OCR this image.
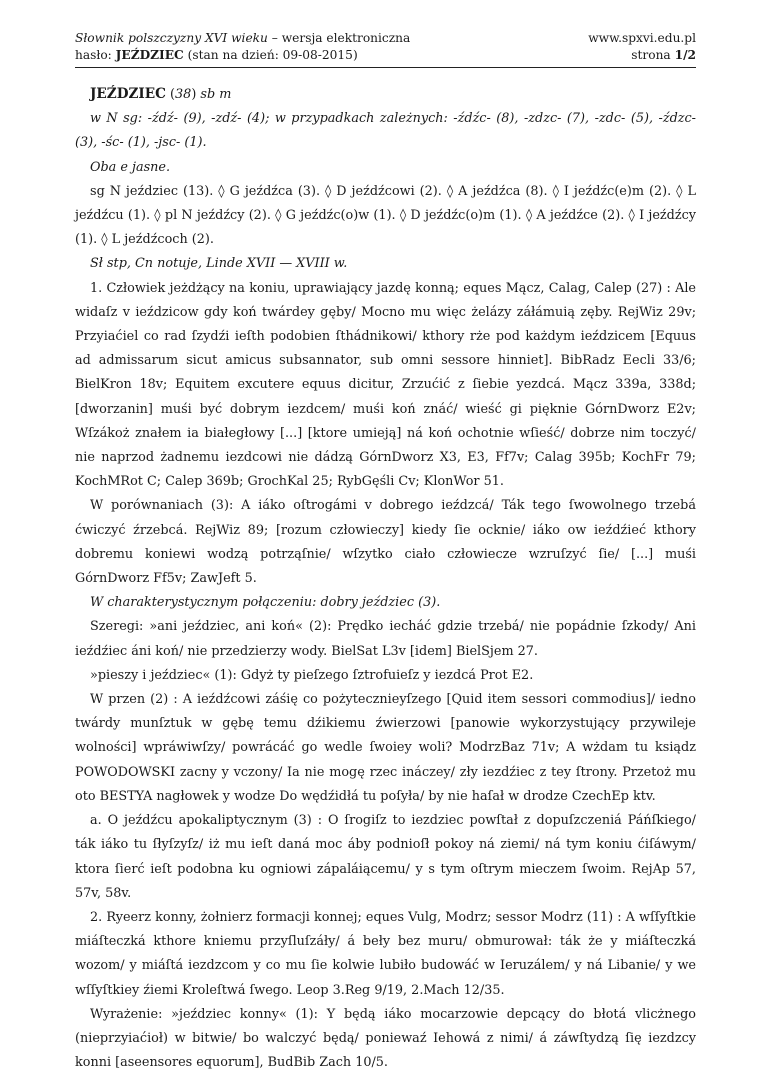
Słownik polszczyzny XVI wieku – wersja elektroniczna
hasło: JEŹDZIEC (stan na dzień: 09-08-2015)
www.spxvi.edu.pl
strona 1/2

JEŹDZIEC (38) sb m

w N sg: -źdź- (9), -zdź- (4); w przypadkach zależnych: -źdźc- (8), -zdzc- (7), -zdc- (5), -źdzc- (3), -śc- (1), -jsc- (1).

Oba e jasne.

sg N jeździec (13). ◊ G jeźdźca (3). ◊ D jeźdźcowi (2). ◊ A jeźdźca (8). ◊ I jeźdźc(e)m (2). ◊ L jeźdźcu (1). ◊ pl N jeźdźcy (2). ◊ G jeźdźc(o)w (1). ◊ D jeźdźc(o)m (1). ◊ A jeźdźce (2). ◊ I jeźdźcy (1). ◊ L jeźdźcoch (2).

Sł stp, Cn notuje, Linde XVII — XVIII w.

1. Człowiek jeżdżący na koniu, uprawiający jazdę konną; eques Mącz, Calag, Calep (27) : Ale widaſz v ieździcow gdy koń twárdey gęby/ Mocno mu więc żelázy záłámuią zęby. RejWiz 29v; Przyiaćiel co rad ſzydźi ieſth podobien ſthádnikowi/ kthory rże pod każdym ieździcem [Equus ad admissarum sicut amicus subsannator, sub omni sessore hinniet]. BibRadz Eecli 33/6; BielKron 18v; Equitem excutere equus dicitur, Zrzućić z ſiebie yezdcá. Mącz 339a, 338d; [dworzanin] muśi być dobrym iezdcem/ muśi koń znáć/ wieść gi pięknie GórnDworz E2v; Wſzákoż znałem ia białegłowy [...] [ktore umieją] ná koń ochotnie wſieść/ dobrze nim toczyć/ nie naprzod żadnemu iezdcowi nie dádzą GórnDworz X3, E3, Ff7v; Calag 395b; KochFr 79; KochMRot C; Calep 369b; GrochKal 25; RybGęśli Cv; KlonWor 51.

W porównaniach (3): A iáko oſtrogámi v dobrego ieźdzcá/ Ták tego ſwowolnego trzebá ćwiczyć źrzebcá. RejWiz 89; [rozum człowieczy] kiedy ſie ocknie/ iáko ow ieźdźieć kthory dobremu koniewi wodzą potrząſnie/ wſzytko ciało człowiecze wzruſzyć ſie/ [...] muśi GórnDworz Ff5v; ZawJeft 5.

W charakterystycznym połączeniu: dobry jeździec (3).

Szeregi: »ani jeździec, ani koń« (2): Prędko iecháć gdzie trzebá/ nie popádnie ſzkody/ Ani ieźdźiec áni koń/ nie przedzierzy wody. BielSat L3v [idem] BielSjem 27.

»pieszy i jeździec« (1): Gdyż ty pieſzego ſztrofuieſz y iezdcá Prot E2.

W przen (2) : A ieźdźcowi záśię co pożytecznieyſzego [Quid item sessori commodius]/ iedno twárdy munſztuk w gębę temu dźikiemu źwierzowi [panowie wykorzystujący przywileje wolności] wpráwiwſzy/ powrácáć go wedle ſwoiey woli? ModrzBaz 71v; A wżdam tu ksiądz POWODOWSKI zacny y vczony/ Ia nie mogę rzec ináczey/ zły iezdźiec z tey ſtrony. Przetoż mu oto BESTYA nagłowek y wodze Do wędźidłá tu poſyła/ by nie haſał w drodze CzechEp ktv.

a. O jeźdźcu apokaliptycznym (3) : O ſrogiſz to iezdziec powſtał z dopuſzczeniá Páńſkiego/ ták iáko tu ſłyſzyſz/ iż mu ieſt daná moc áby podnioſł pokoy ná ziemi/ ná tym koniu ćiſáwym/ ktora ſierć ieſt podobna ku ogniowi zápaláiącemu/ y s tym oſtrym mieczem ſwoim. RejAp 57, 57v, 58v.

2. Ryeerz konny, żołnierz formacji konnej; eques Vulg, Modrz; sessor Modrz (11) : A wſſyſtkie miáſteczká kthore kniemu przyſluſzáły/ á beły bez muru/ obmurował: ták że y miáſteczká wozom/ y miáſtá iezdzcom y co mu ſie kolwie lubiło budowáć w Ieruzálem/ y ná Libanie/ y we wſſyſtkiey źiemi Kroleſtwá ſwego. Leop 3.Reg 9/19, 2.Mach 12/35.

Wyrażenie: »jeździec konny« (1): Y będą iáko mocarzowie depcący do błotá vlicżnego (nieprzyiaćioł) w bitwie/ bo walczyć będą/ poniewaź Iehowá z nimi/ á záwſtydzą ſię iezdzcy konni [aseensores equorum], BudBib Zach 10/5.
